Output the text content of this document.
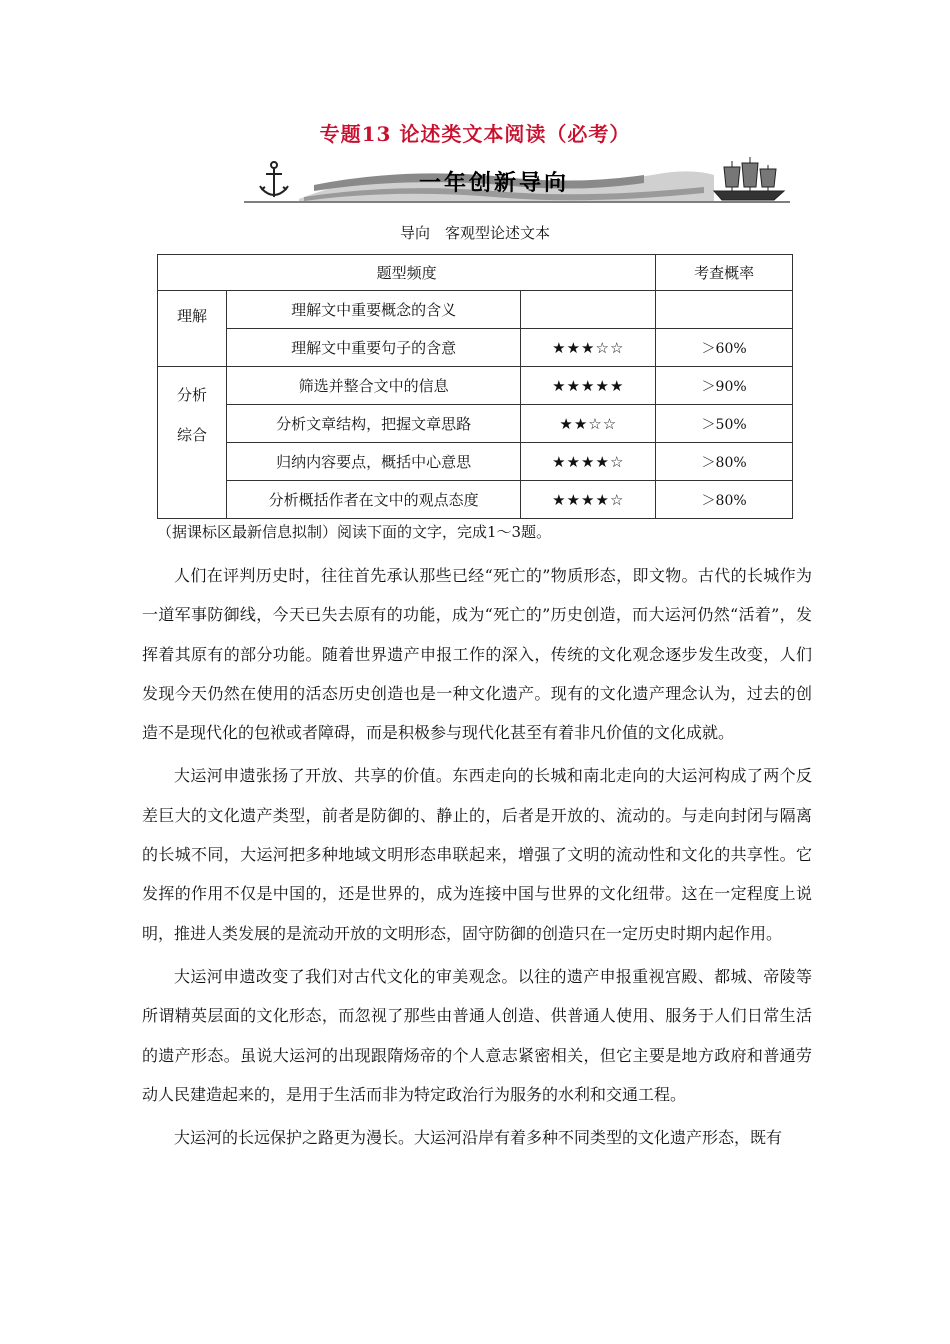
专题13 论述类文本阅读（必考）
一年创新导向
导向　客观型论述文本
题型频度			考查概率
理解	理解文中重要概念的含义		
	理解文中重要句子的含意	★★★☆☆	＞60%

分析综合	筛选并整合文中的信息	★★★★★	＞90%
	分析文章结构，把握文章思路	★★☆☆	＞50%
	归纳内容要点，概括中心意思	★★★★☆	＞80%
	分析概括作者在文中的观点态度	★★★★☆	＞80%
（据课标区最新信息拟制）阅读下面的文字，完成1～3题。

人们在评判历史时，往往首先承认那些已经“死亡的”物质形态，即文物。古代的长城作为一道军事防御线，今天已失去原有的功能，成为“死亡的”历史创造，而大运河仍然“活着”，发挥着其原有的部分功能。随着世界遗产申报工作的深入，传统的文化观念逐步发生改变，人们发现今天仍然在使用的活态历史创造也是一种文化遗产。现有的文化遗产理念认为，过去的创造不是现代化的包袱或者障碍，而是积极参与现代化甚至有着非凡价值的文化成就。

大运河申遗张扬了开放、共享的价值。东西走向的长城和南北走向的大运河构成了两个反差巨大的文化遗产类型，前者是防御的、静止的，后者是开放的、流动的。与走向封闭与隔离的长城不同，大运河把多种地域文明形态串联起来，增强了文明的流动性和文化的共享性。它发挥的作用不仅是中国的，还是世界的，成为连接中国与世界的文化纽带。这在一定程度上说明，推进人类发展的是流动开放的文明形态，固守防御的创造只在一定历史时期内起作用。

大运河申遗改变了我们对古代文化的审美观念。以往的遗产申报重视宫殿、都城、帝陵等所谓精英层面的文化形态，而忽视了那些由普通人创造、供普通人使用、服务于人们日常生活的遗产形态。虽说大运河的出现跟隋炀帝的个人意志紧密相关，但它主要是地方政府和普通劳动人民建造起来的，是用于生活而非为特定政治行为服务的水利和交通工程。

大运河的长远保护之路更为漫长。大运河沿岸有着多种不同类型的文化遗产形态，既有
